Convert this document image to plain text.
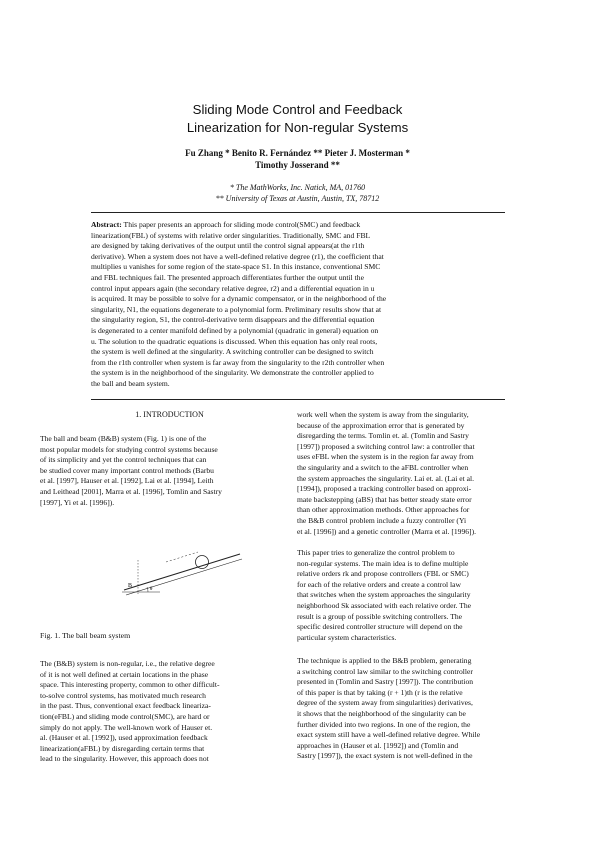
Sliding Mode Control and Feedback
Linearization for Non-regular Systems
Fu Zhang * Benito R. Fernández ** Pieter J. Mosterman *
Timothy Josserand **
* The MathWorks, Inc. Natick, MA, 01760
** University of Texas at Austin, Austin, TX, 78712
Abstract: This paper presents an approach for sliding mode control(SMC) and feedback
linearization(FBL) of systems with relative order singularities. Traditionally, SMC and FBL
are designed by taking derivatives of the output until the control signal appears(at the r1th
derivative). When a system does not have a well-defined relative degree (r1), the coefficient that
multiplies u vanishes for some region of the state-space S1. In this instance, conventional SMC
and FBL techniques fail. The presented approach differentiates further the output until the
control input appears again (the secondary relative degree, r2) and a differential equation in u
is acquired. It may be possible to solve for a dynamic compensator, or in the neighborhood of the
singularity, N1, the equations degenerate to a polynomial form. Preliminary results show that at
the singularity region, S1, the control-derivative term disappears and the differential equation
is degenerated to a center manifold defined by a polynomial (quadratic in general) equation on
u. The solution to the quadratic equations is discussed. When this equation has only real roots,
the system is well defined at the singularity. A switching controller can be designed to switch
from the r1th controller when system is far away from the singularity to the r2th controller when
the system is in the neighborhood of the singularity. We demonstrate the controller applied to
the ball and beam system.
1. INTRODUCTION
The ball and beam (B&B) system (Fig. 1) is one of the
most popular models for studying control systems because
of its simplicity and yet the control techniques that can
be studied cover many important control methods (Barbu
et al. [1997], Hauser et al. [1992], Lai et al. [1994], Leith
and Leithead [2001], Marra et al. [1996], Tomlin and Sastry
[1997], Yi et al. [1996]).
B
θ
Fig. 1. The ball beam system
The (B&B) system is non-regular, i.e., the relative degree
of it is not well defined at certain locations in the phase
space. This interesting property, common to other difficult-
to-solve control systems, has motivated much research
in the past. Thus, conventional exact feedback lineariza-
tion(eFBL) and sliding mode control(SMC), are hard or
simply do not apply. The well-known work of Hauser et.
al. (Hauser et al. [1992]), used approximation feedback
linearization(aFBL) by disregarding certain terms that
lead to the singularity. However, this approach does not
work well when the system is away from the singularity,
because of the approximation error that is generated by
disregarding the terms. Tomlin et. al. (Tomlin and Sastry
[1997]) proposed a switching control law: a controller that
uses eFBL when the system is in the region far away from
the singularity and a switch to the aFBL controller when
the system approaches the singularity. Lai et. al. (Lai et al.
[1994]), proposed a tracking controller based on approxi-
mate backstepping (aBS) that has better steady state error
than other approximation methods. Other approaches for
the B&B control problem include a fuzzy controller (Yi
et al. [1996]) and a genetic controller (Marra et al. [1996]).
This paper tries to generalize the control problem to
non-regular systems. The main idea is to define multiple
relative orders rk and propose controllers (FBL or SMC)
for each of the relative orders and create a control law
that switches when the system approaches the singularity
neighborhood Sk associated with each relative order. The
result is a group of possible switching controllers. The
specific desired controller structure will depend on the
particular system characteristics.
The technique is applied to the B&B problem, generating
a switching control law similar to the switching controller
presented in (Tomlin and Sastry [1997]). The contribution
of this paper is that by taking (r + 1)th (r is the relative
degree of the system away from singularities) derivatives,
it shows that the neighborhood of the singularity can be
further divided into two regions. In one of the region, the
exact system still have a well-defined relative degree. While
approaches in (Hauser et al. [1992]) and (Tomlin and
Sastry [1997]), the exact system is not well-defined in the
